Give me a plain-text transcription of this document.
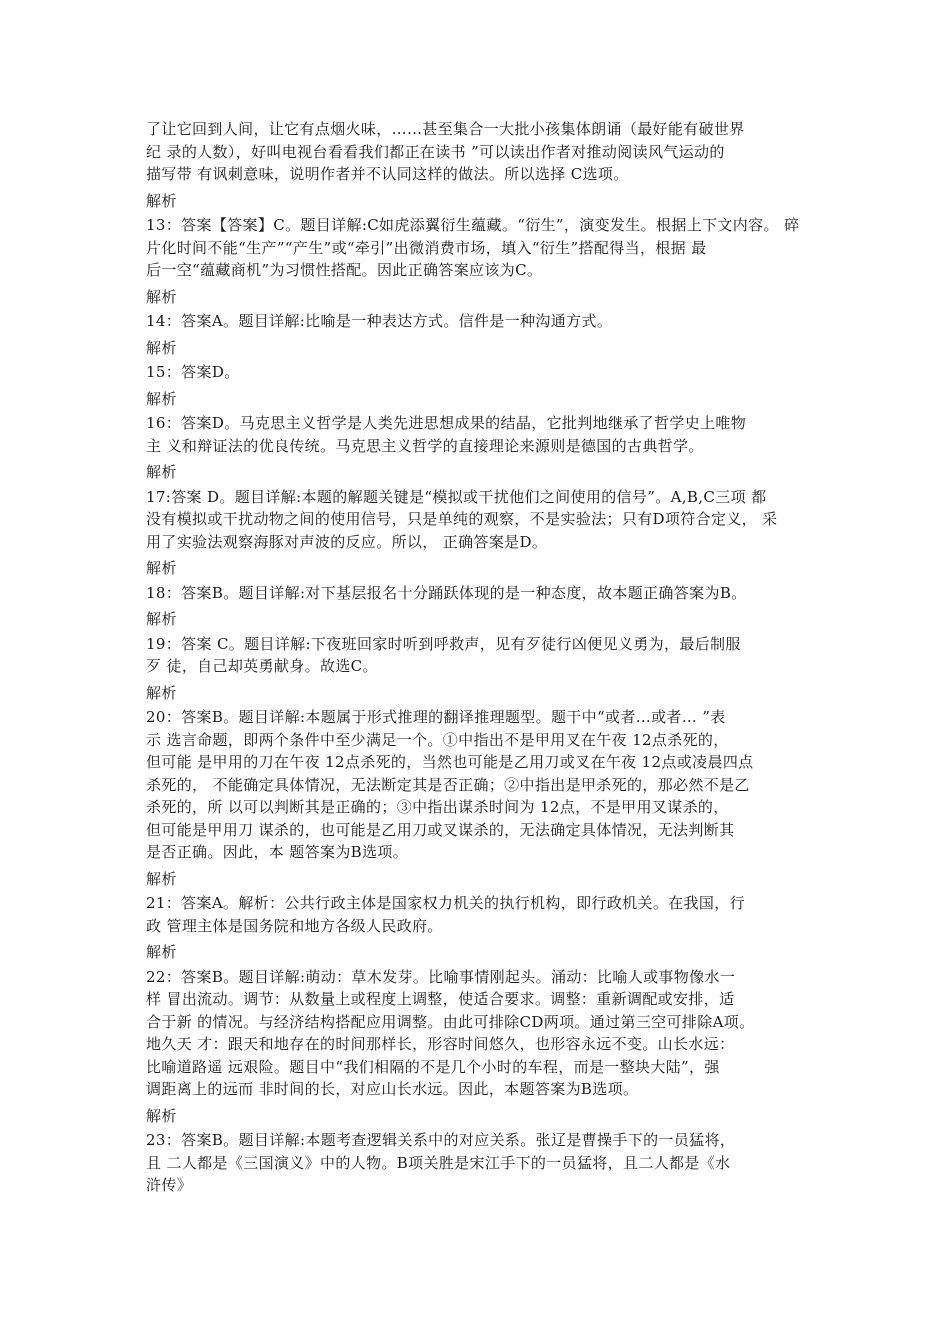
了让它回到人间，让它有点烟火味，……甚至集合一大批小孩集体朗诵（最好能有破世界
纪 录的人数），好叫电视台看看我们都正在读书 ”可以读出作者对推动阅读风气运动的
描写带 有讽刺意味，说明作者并不认同这样的做法。所以选择 C选项。
解析
13：答案【答案】C。题目详解:C如虎添翼衍生蕴藏。“衍生”，演变发生。根据上下文内容。 碎
片化时间不能“生产”“产生”或“牵引”出微消费市场，填入“衍生”搭配得当，根据 最
后一空“蕴藏商机”为习惯性搭配。因此正确答案应该为C。
解析
14：答案A。题目详解:比喻是一种表达方式。信件是一种沟通方式。
解析
15：答案D。
解析
16：答案D。马克思主义哲学是人类先进思想成果的结晶，它批判地继承了哲学史上唯物
主 义和辩证法的优良传统。马克思主义哲学的直接理论来源则是德国的古典哲学。
解析
17:答案 D。题目详解:本题的解题关键是“模拟或干扰他们之间使用的信号”。A,B,C三项 都
没有模拟或干扰动物之间的使用信号，只是单纯的观察，不是实验法；只有D项符合定义， 采
用了实验法观察海豚对声波的反应。所以， 正确答案是D。
解析
18：答案B。题目详解:对下基层报名十分踊跃体现的是一种态度，故本题正确答案为B。
解析
19：答案 C。题目详解:下夜班回家时听到呼救声，见有歹徒行凶便见义勇为，最后制服
歹 徒，自己却英勇献身。故选C。
解析
20：答案B。题目详解:本题属于形式推理的翻译推理题型。题干中“或者…或者… ”表
示 选言命题，即两个条件中至少满足一个。①中指出不是甲用叉在午夜 12点杀死的，
但可能 是甲用的刀在午夜 12点杀死的，当然也可能是乙用刀或叉在午夜 12点或凌晨四点
杀死的， 不能确定具体情况，无法断定其是否正确；②中指出是甲杀死的，那必然不是乙
杀死的，所 以可以判断其是正确的；③中指出谋杀时间为 12点，不是甲用叉谋杀的，
但可能是甲用刀 谋杀的，也可能是乙用刀或叉谋杀的，无法确定具体情况，无法判断其
是否正确。因此，本 题答案为B选项。
解析
21：答案A。解析：公共行政主体是国家权力机关的执行机构，即行政机关。在我国，行
政 管理主体是国务院和地方各级人民政府。
解析
22：答案B。题目详解:萌动：草木发芽。比喻事情刚起头。涌动：比喻人或事物像水一
样 冒出流动。调节：从数量上或程度上调整，使适合要求。调整：重新调配或安排，适
合于新 的情况。与经济结构搭配应用调整。由此可排除CD两项。通过第三空可排除A项。
地久天 才：跟天和地存在的时间那样长，形容时间悠久，也形容永远不变。山长水远：
比喻道路遥 远艰险。题目中“我们相隔的不是几个小时的车程，而是一整块大陆”，强
调距离上的远而 非时间的长，对应山长水远。因此，本题答案为B选项。
解析
23：答案B。题目详解:本题考查逻辑关系中的对应关系。张辽是曹操手下的一员猛将，
且 二人都是《三国演义》中的人物。B项关胜是宋江手下的一员猛将，且二人都是《水
浒传》
